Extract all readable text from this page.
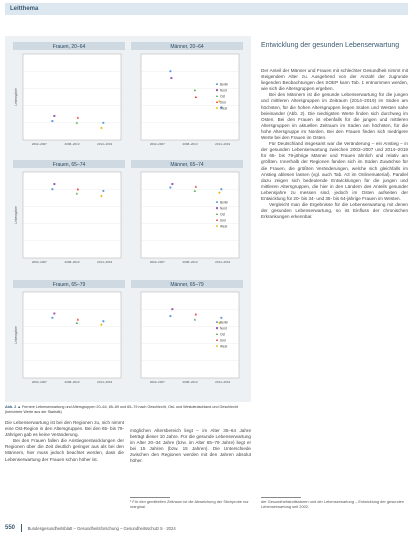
Leitthema
Frauen, 20–64
2002–2007	2008–2013	2014–2019
Lebensjahre
Männer, 20–64
2002–2007	2008–2013	2014–2019
Berlin
Nord
Ost
Süd
West
Frauen, 65–74
2002–2007	2008–2013	2014–2019
Lebensjahre
Männer, 65–74
2002–2007	2008–2013	2014–2019
Berlin
Nord
Ost
Süd
West
Frauen, 65–79
2002–2007	2008–2013	2014–2019
Lebensjahre
Männer, 65–79
2002–2007	2008–2013	2014–2019
Berlin
Nord
Ost
Süd
West
Abb. 2 ▲ Fernere Lebenserwartung und Altersgruppen 20–64, 65–69 und 65–79 nach Geschlecht, Ost- und Westdeutschland und Geschlecht (berichtete Werte aus der Statistik)
Entwicklung der gesunden Lebenserwartung

Der Anteil der Männer und Frauen mit schlechter Gesundheit nimmt mit steigendem Alter zu. Ausgehend von der Anzahl der zugrunde liegenden Beobachtungen des SOEP kann Tab. 1 entnommen werden, wie sich die Altersgruppen ergeben.

Bei den Männern ist die gesunde Lebenserwartung für die jungen und mittleren Altersgruppen im Zeitraum (2014–2019) im Süden am höchsten, für die hohen Altersgruppen liegen Süden und Westen nahe beieinander (Abb. 2). Die niedrigsten Werte finden sich durchweg im Osten. Bei den Frauen ist ebenfalls für die jungen und mittleren Altersgruppen im aktuellen Zeitraum im Süden am höchsten, für die hohe Altersgruppe im Norden. Bei den Frauen finden sich niedrigere Werte bei den Frauen im Osten.

Für Deutschland insgesamt war die Veränderung – ein Anstieg – in der gesunden Lebenserwartung zwischen 2002–2007 und 2014–2019 für 65- bis 79-jährige Männer und Frauen ähnlich und relativ am größten. Innerhalb der Regionen fanden sich im Süden Zuwächse für die Frauen, die größten Veränderungen, welche sich gleichfalls im Anstieg ablesen lassen (vgl. auch Tab. A3 im Onlinematerial). Parallel dazu zeigen sich bedeutende Entwicklungen für die jungen und mittleren Altersgruppen, die hier in den Ländern des Anteils gesunder Lebensjahre zu messen sind, jedoch im Osten aufseiten der Entwicklung für 20- bis 34- und 35- bis 64-jährige Frauen im Westen.

Vergleicht man die Ergebnisse für die Lebenserwartung mit denen der gesunden Lebenserwartung, so ist Einfluss der chronischen Erkrankungen erkennbar.

Die Lebenserwartung ist bei den Regionen zu, sich nimmt eine Ost-Region in den Altersgruppen. Bei den 65- bis 79-Jährigen gab es keine Veränderung.

Bei den Frauen fallen die Anstiegsentwicklungen der Regionen über die Zeit deutlich geringer aus als bei den Männern, hier muss jedoch beachtet werden, dass die Lebenserwartung der Frauen schon höher ist.

möglichen Altersbereich liegt – im Alter 35–64 Jahre beträgt dieser 10 Jahre. Für die gesunde Lebenserwartung im Alter 20–34 Jahre (bzw. im Alter 65–79 Jahre) liegt er bei 15 Jahren (bzw. 15 Jahren). Die Unterschiede zwischen den Regionen werden mit den Jahren absolut höher.

¹ Für den gemittelten Zeitraum ist die Abweichung der Stichprobe nur marginal.
der Gesundheitsindikatoren und der Lebenserwartung – Entwicklung der gesunden Lebenserwartung seit 2002.
550	Bundesgesundheitsblatt – Gesundheitsforschung – Gesundheitsschutz 5 · 2024
